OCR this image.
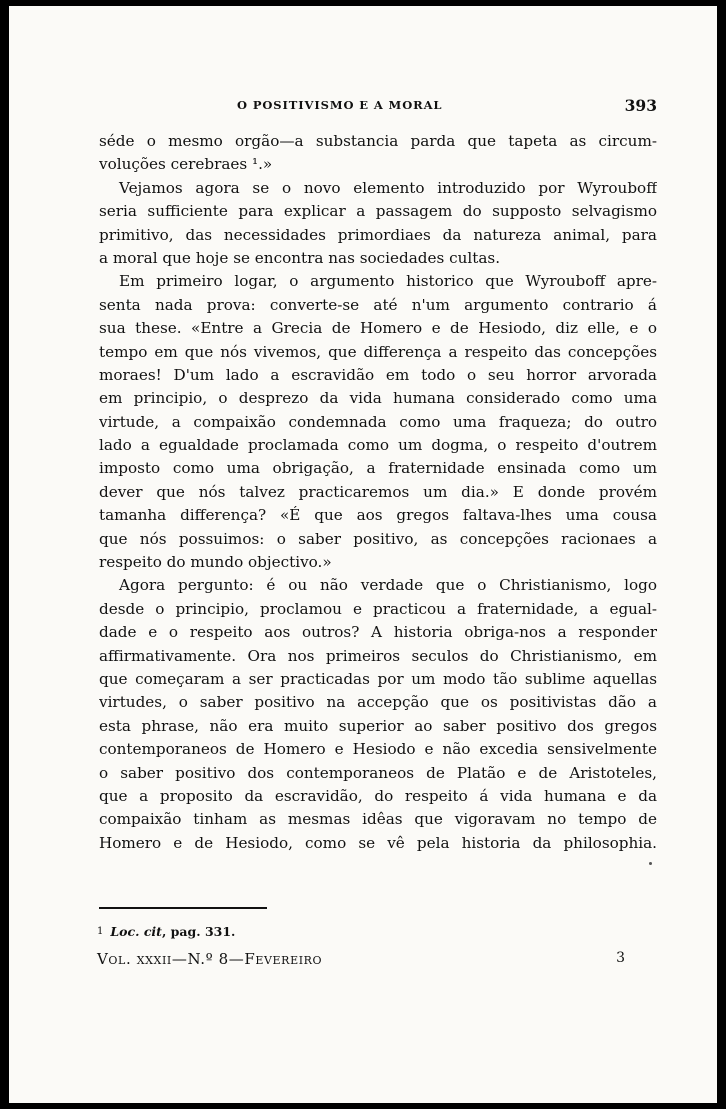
O POSITIVISMO E A MORAL	393
séde o mesmo orgão—a substancia parda que tapeta as circum-
voluções cerebraes ¹.»
Vejamos agora se o novo elemento introduzido por Wyrouboff
seria sufficiente para explicar a passagem do supposto selvagismo
primitivo, das necessidades primordiaes da natureza animal, para
a moral que hoje se encontra nas sociedades cultas.
Em primeiro logar, o argumento historico que Wyrouboff apre-
senta nada prova: converte-se até n'um argumento contrario á
sua these. «Entre a Grecia de Homero e de Hesiodo, diz elle, e o
tempo em que nós vivemos, que differença a respeito das concepções
moraes! D'um lado a escravidão em todo o seu horror arvorada
em principio, o desprezo da vida humana considerado como uma
virtude, a compaixão condemnada como uma fraqueza; do outro
lado a egualdade proclamada como um dogma, o respeito d'outrem
imposto como uma obrigação, a fraternidade ensinada como um
dever que nós talvez practicaremos um dia.» E donde provém
tamanha differença? «É que aos gregos faltava-lhes uma cousa
que nós possuimos: o saber positivo, as concepções racionaes a
respeito do mundo objectivo.»
Agora pergunto: é ou não verdade que o Christianismo, logo
desde o principio, proclamou e practicou a fraternidade, a egual-
dade e o respeito aos outros? A historia obriga-nos a responder
affirmativamente. Ora nos primeiros seculos do Christianismo, em
que começaram a ser practicadas por um modo tão sublime aquellas
virtudes, o saber positivo na accepção que os positivistas dão a
esta phrase, não era muito superior ao saber positivo dos gregos
contemporaneos de Homero e Hesiodo e não excedia sensivelmente
o saber positivo dos contemporaneos de Platão e de Aristoteles,
que a proposito da escravidão, do respeito á vida humana e da
compaixão tinham as mesmas idêas que vigoravam no tempo de
Homero e de Hesiodo, como se vê pela historia da philosophia.
1 Loc. cit, pag. 331.
Vol. xxxii—N.º 8—Fevereiro	3
